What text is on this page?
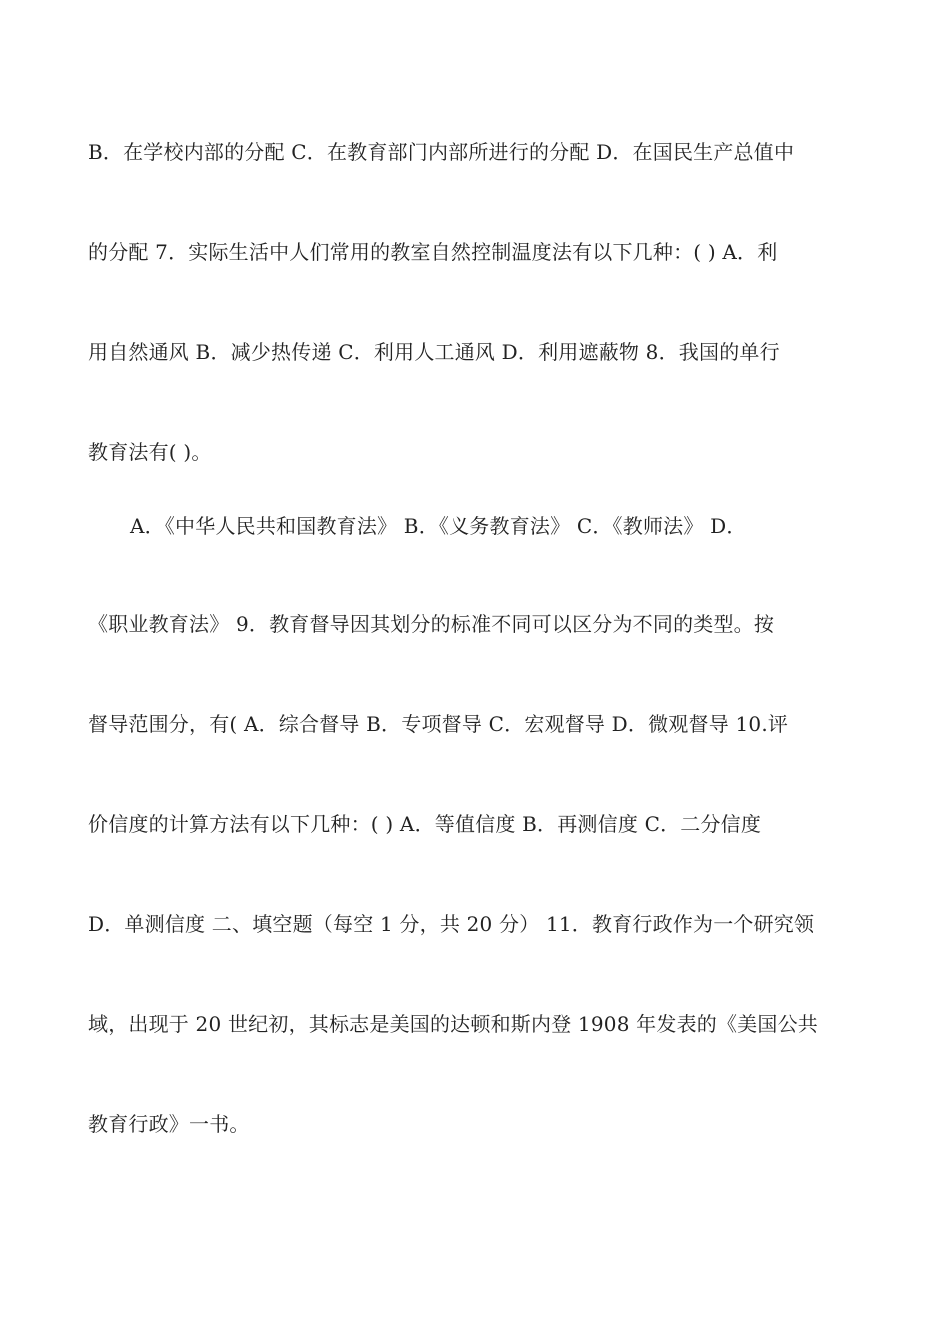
B．在学校内部的分配 C．在教育部门内部所进行的分配 D．在国民生产总值中
的分配 7．实际生活中人们常用的教室自然控制温度法有以下几种：( ) A．利
用自然通风 B．减少热传递 C．利用人工通风 D．利用遮蔽物 8．我国的单行
教育法有( )。
A．《中华人民共和国教育法》 B．《义务教育法》 C．《教师法》 D．
《职业教育法》 9．教育督导因其划分的标准不同可以区分为不同的类型。按
督导范围分，有( A．综合督导 B．专项督导 C．宏观督导 D．微观督导 10.评
价信度的计算方法有以下几种：( ) A．等值信度 B．再测信度 C．二分信度
D．单测信度 二、填空题（每空 1 分，共 20 分） 11．教育行政作为一个研究领
域，出现于 20 世纪初，其标志是美国的达顿和斯内登 1908 年发表的《美国公共
教育行政》一书。
